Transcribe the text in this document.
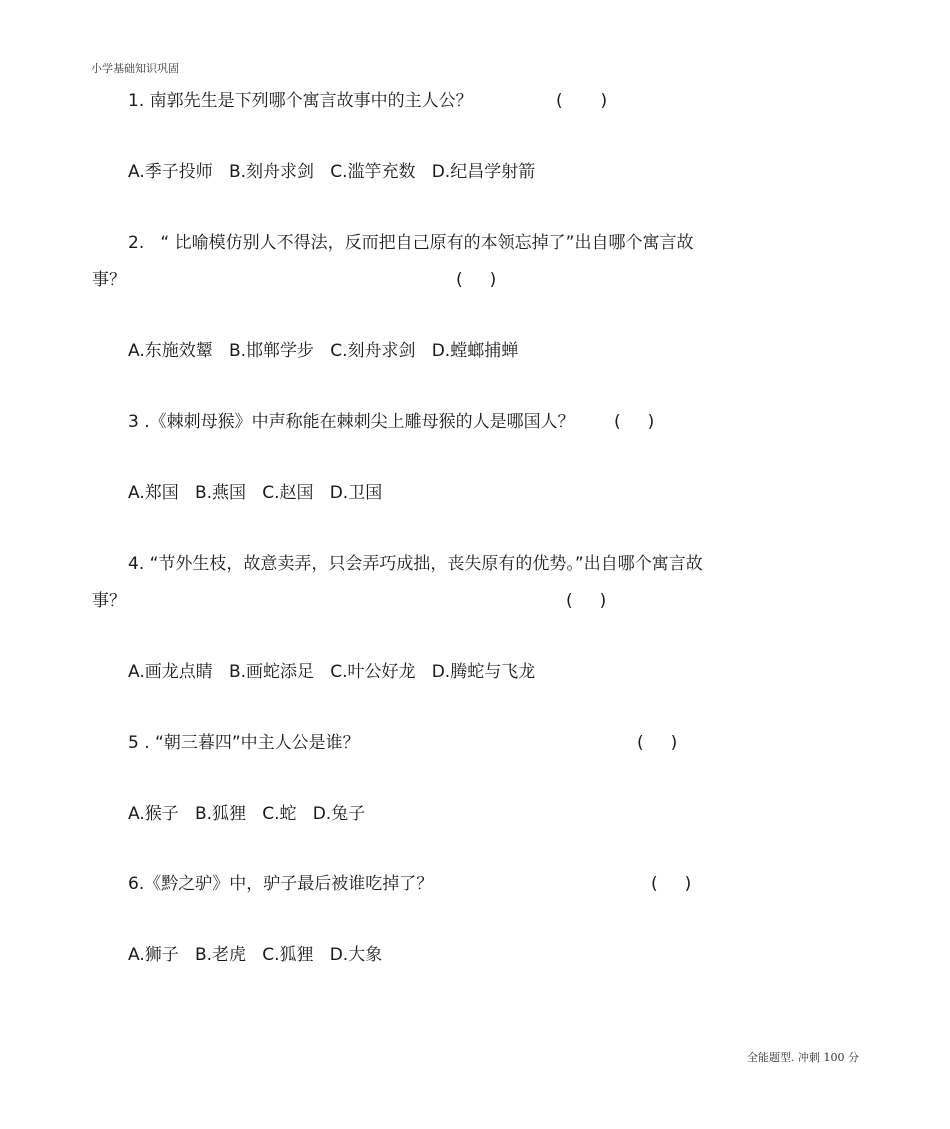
小学基础知识巩固
1. 南郭先生是下列哪个寓言故事中的主人公？	(       )
A.季子投师   B.刻舟求剑   C.滥竽充数   D.纪昌学射箭
2.   “ 比喻模仿别人不得法，反而把自己原有的本领忘掉了”出自哪个寓言故
事？	(     )
A.东施效颦   B.邯郸学步   C.刻舟求剑   D.螳螂捕蝉
3 .《棘刺母猴》中声称能在棘刺尖上雕母猴的人是哪国人？ (     )
A.郑国   B.燕国   C.赵国   D.卫国
4. “节外生枝，故意卖弄，只会弄巧成拙，丧失原有的优势。”出自哪个寓言故
事？	(     )
A.画龙点睛   B.画蛇添足   C.叶公好龙   D.腾蛇与飞龙
5 . “朝三暮四”中主人公是谁？	(     )
A.猴子   B.狐狸   C.蛇   D.兔子
6.《黔之驴》中，驴子最后被谁吃掉了？	(     )
A.狮子   B.老虎   C.狐狸   D.大象
全能题型. 冲刺 100 分
